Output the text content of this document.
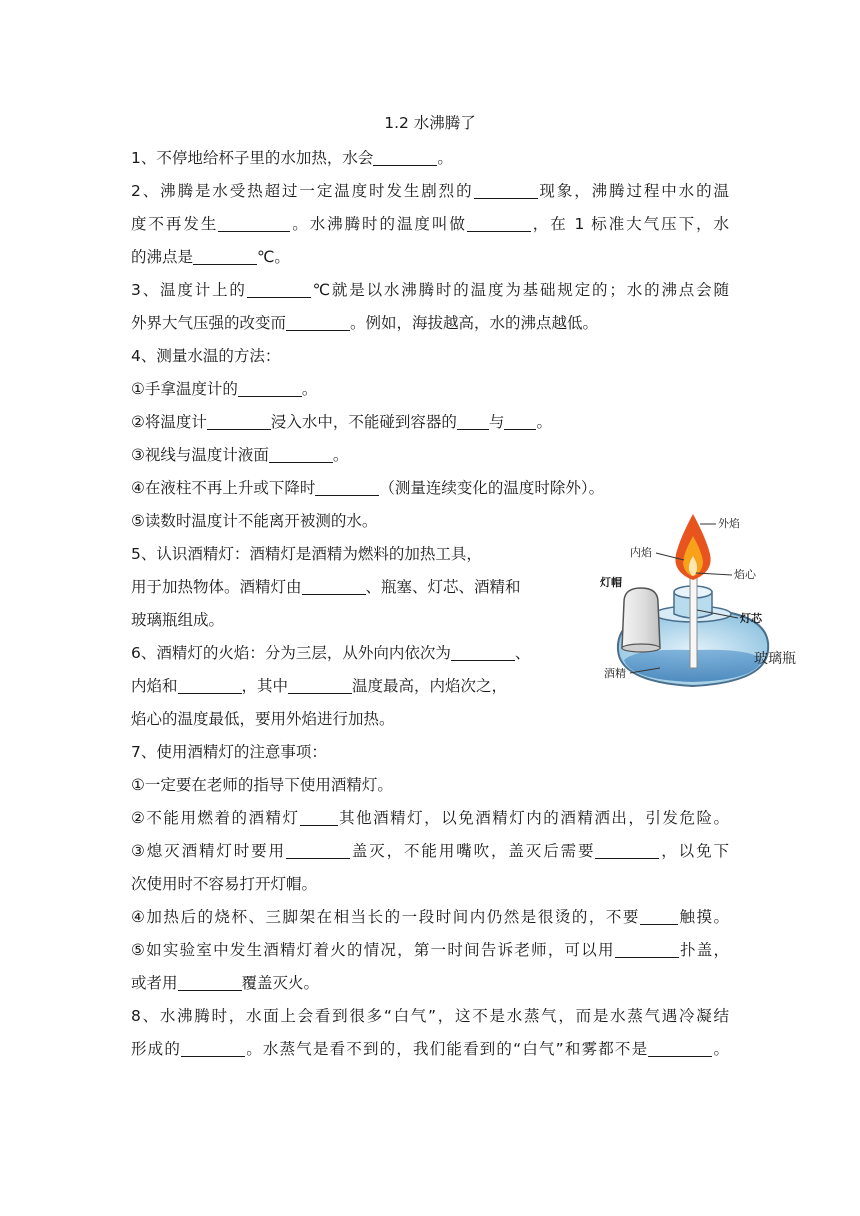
1.2 水沸腾了
1、不停地给杯子里的水加热，水会	。
2、沸腾是水受热超过一定温度时发生剧烈的	现象，沸腾过程中水的温
度不再发生	。水沸腾时的温度叫做	，在 1 标准大气压下，水
的沸点是	℃。
3、温度计上的	℃就是以水沸腾时的温度为基础规定的；水的沸点会随
外界大气压强的改变而	。例如，海拔越高，水的沸点越低。
4、测量水温的方法：
①手拿温度计的	。
②将温度计	浸入水中，不能碰到容器的 与 。
③视线与温度计液面	。
④在液柱不再上升或下降时	（测量连续变化的温度时除外）。
⑤读数时温度计不能离开被测的水。
5、认识酒精灯：酒精灯是酒精为燃料的加热工具，
用于加热物体。酒精灯由	、瓶塞、灯芯、酒精和
玻璃瓶组成。
6、酒精灯的火焰：分为三层，从外向内依次为	、
内焰和	，其中	温度最高，内焰次之，
焰心的温度最低，要用外焰进行加热。
7、使用酒精灯的注意事项：
①一定要在老师的指导下使用酒精灯。
②不能用燃着的酒精灯 其他酒精灯，以免酒精灯内的酒精洒出，引发危险。
③熄灭酒精灯时要用	盖灭，不能用嘴吹，盖灭后需要	，以免下
次使用时不容易打开灯帽。
④加热后的烧杯、三脚架在相当长的一段时间内仍然是很烫的，不要 触摸。
⑤如实验室中发生酒精灯着火的情况，第一时间告诉老师，可以用	扑盖，
或者用	覆盖灭火。
8、水沸腾时，水面上会看到很多“白气”，这不是水蒸气，而是水蒸气遇冷凝结
形成的	。水蒸气是看不到的，我们能看到的“白气”和雾都不是	。
外焰
内焰
灯帽
焰心
灯芯
酒精
玻璃瓶
